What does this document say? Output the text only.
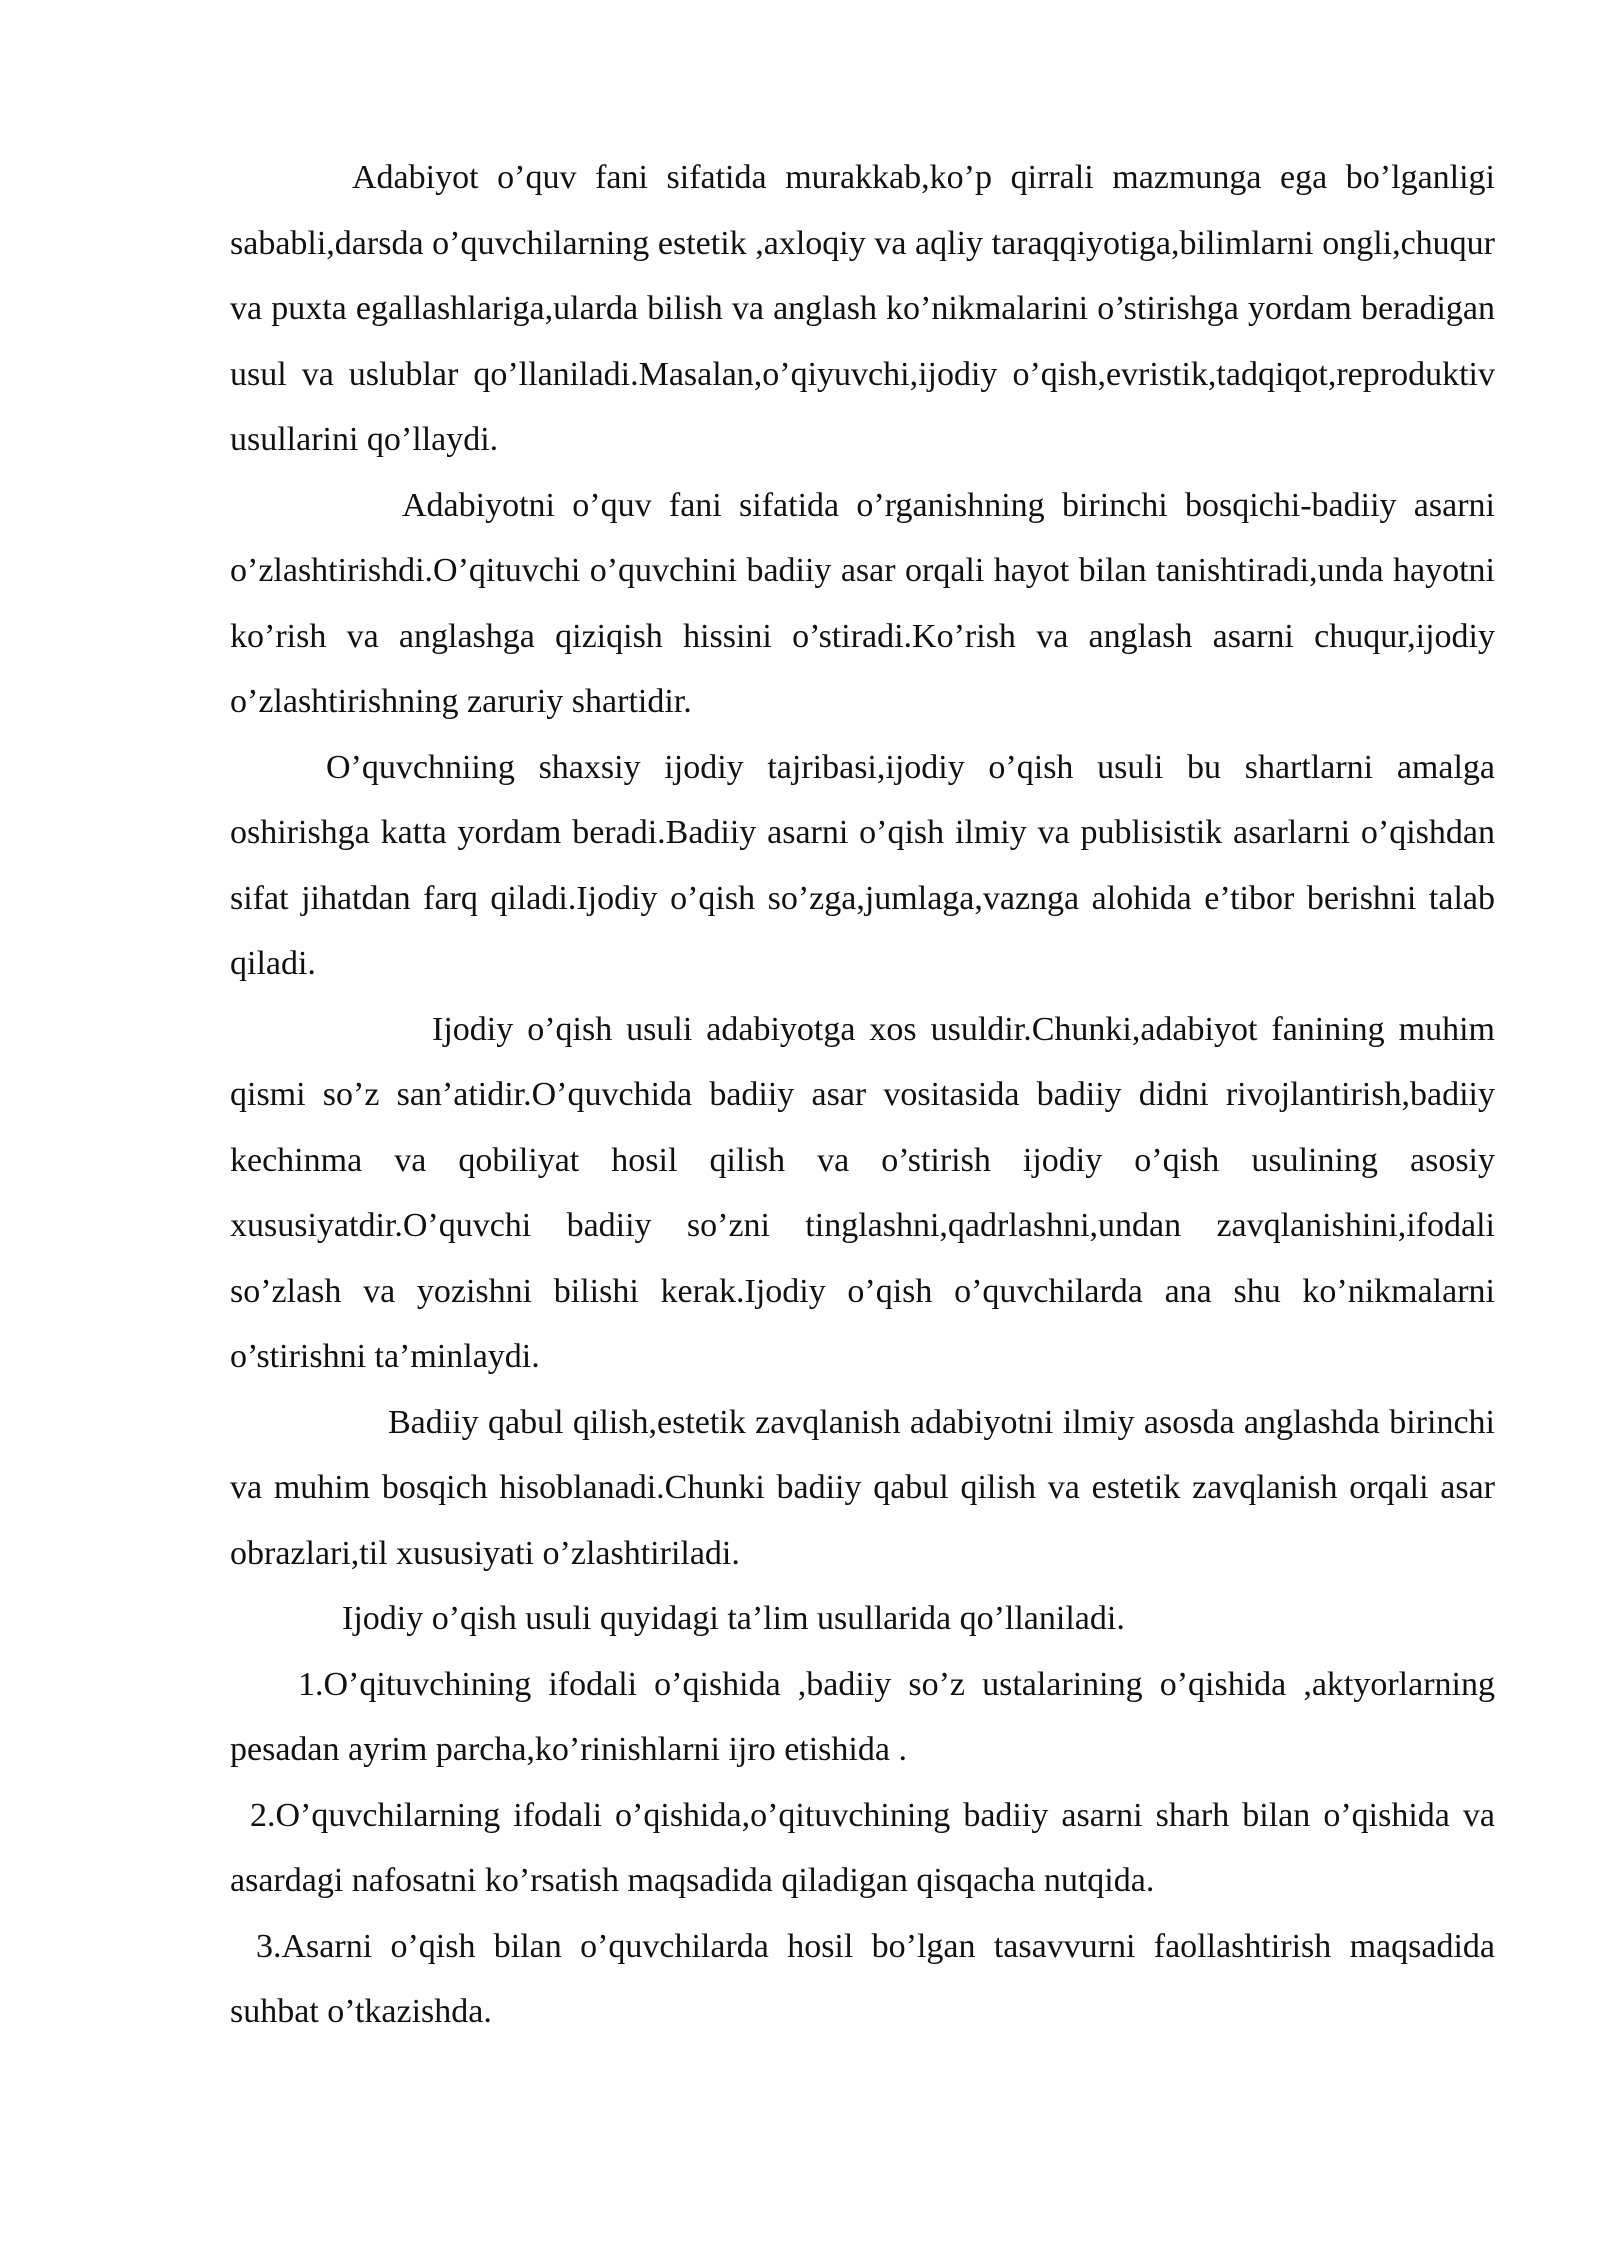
Adabiyot o’quv fani sifatida murakkab,ko’p qirrali mazmunga ega bo’lganligi sababli,darsda o’quvchilarning estetik ,axloqiy va aqliy taraqqiyotiga,bilimlarni ongli,chuqur va puxta egallashlariga,ularda bilish va anglash ko’nikmalarini o’stirishga yordam beradigan usul va uslublar qo’llaniladi.Masalan,o’qiyuvchi,ijodiy o’qish,evristik,tadqiqot,reproduktiv usullarini qo’llaydi.

Adabiyotni o’quv fani sifatida o’rganishning birinchi bosqichi-badiiy asarni o’zlashtirishdi.O’qituvchi o’quvchini badiiy asar orqali hayot bilan tanishtiradi,unda hayotni ko’rish va anglashga qiziqish hissini o’stiradi.Ko’rish va anglash asarni chuqur,ijodiy o’zlashtirishning zaruriy shartidir.

O’quvchniing shaxsiy ijodiy tajribasi,ijodiy o’qish usuli bu shartlarni amalga oshirishga katta yordam beradi.Badiiy asarni o’qish ilmiy va publisistik asarlarni o’qishdan sifat jihatdan farq qiladi.Ijodiy o’qish so’zga,jumlaga,vaznga alohida e’tibor berishni talab qiladi.

Ijodiy o’qish usuli adabiyotga xos usuldir.Chunki,adabiyot fanining muhim qismi so’z san’atidir.O’quvchida badiiy asar vositasida badiiy didni rivojlantirish,badiiy kechinma va qobiliyat hosil qilish va o’stirish ijodiy o’qish usulining asosiy xususiyatdir.O’quvchi badiiy so’zni tinglashni,qadrlashni,undan zavqlanishini,ifodali so’zlash va yozishni bilishi kerak.Ijodiy o’qish o’quvchilarda ana shu ko’nikmalarni o’stirishni ta’minlaydi.

Badiiy qabul qilish,estetik zavqlanish adabiyotni ilmiy asosda anglashda birinchi va muhim bosqich hisoblanadi.Chunki badiiy qabul qilish va estetik zavqlanish orqali asar obrazlari,til xususiyati o’zlashtiriladi.

Ijodiy o’qish usuli quyidagi ta’lim usullarida qo’llaniladi.

1.O’qituvchining ifodali o’qishida ,badiiy so’z ustalarining o’qishida ,aktyorlarning pesadan ayrim parcha,ko’rinishlarni ijro etishida .

2.O’quvchilarning ifodali o’qishida,o’qituvchining badiiy asarni sharh bilan o’qishida va asardagi nafosatni ko’rsatish maqsadida qiladigan qisqacha nutqida.

3.Asarni o’qish bilan o’quvchilarda hosil bo’lgan tasavvurni faollashtirish maqsadida suhbat o’tkazishda.
